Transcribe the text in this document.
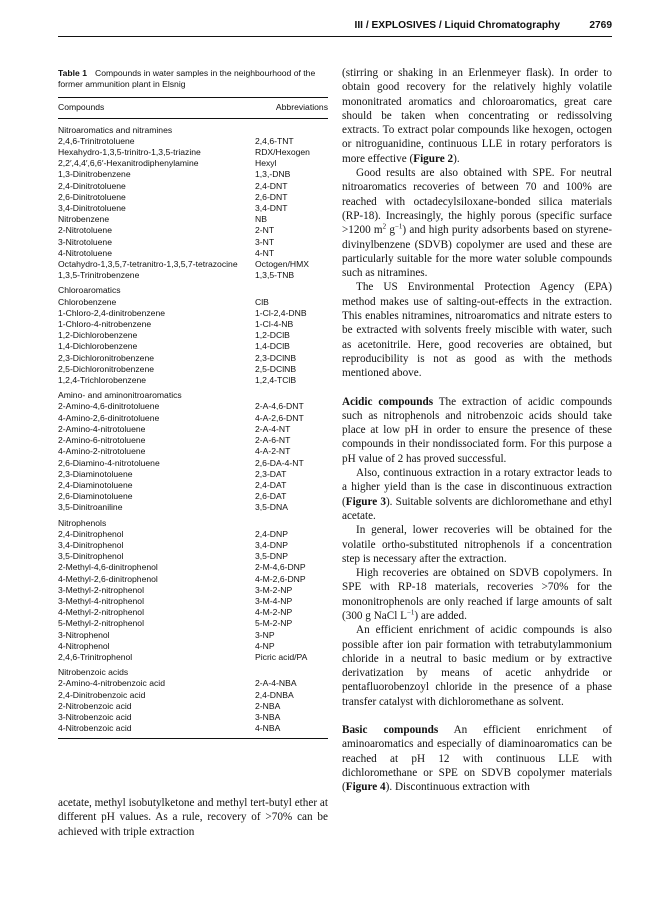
III / EXPLOSIVES / Liquid Chromatography	2769
Table 1 Compounds in water samples in the neighbourhood of the former ammunition plant in Elsnig
Compounds	Abbreviations
Nitroaromatics and nitramines
2,4,6-Trinitrotoluene	2,4,6-TNT
Hexahydro-1,3,5-trinitro-1,3,5-triazine	RDX/Hexogen
2,2′,4,4′,6,6′-Hexanitrodiphenylamine	Hexyl
1,3-Dinitrobenzene	1,3,-DNB
2,4-Dinitrotoluene	2,4-DNT
2,6-Dinitrotoluene	2,6-DNT
3,4-Dinitrotoluene	3,4-DNT
Nitrobenzene	NB
2-Nitrotoluene	2-NT
3-Nitrotoluene	3-NT
4-Nitrotoluene	4-NT
Octahydro-1,3,5,7-tetranitro-1,3,5,7-tetrazocine	Octogen/HMX
1,3,5-Trinitrobenzene	1,3,5-TNB
Chloroaromatics
Chlorobenzene	ClB
1-Chloro-2,4-dinitrobenzene	1-Cl-2,4-DNB
1-Chloro-4-nitrobenzene	1-Cl-4-NB
1,2-Dichlorobenzene	1,2-DClB
1,4-Dichlorobenzene	1,4-DClB
2,3-Dichloronitrobenzene	2,3-DClNB
2,5-Dichloronitrobenzene	2,5-DClNB
1,2,4-Trichlorobenzene	1,2,4-TClB
Amino- and aminonitroaromatics
2-Amino-4,6-dinitrotoluene	2-A-4,6-DNT
4-Amino-2,6-dinitrotoluene	4-A-2,6-DNT
2-Amino-4-nitrotoluene	2-A-4-NT
2-Amino-6-nitrotoluene	2-A-6-NT
4-Amino-2-nitrotoluene	4-A-2-NT
2,6-Diamino-4-nitrotoluene	2,6-DA-4-NT
2,3-Diaminotoluene	2,3-DAT
2,4-Diaminotoluene	2,4-DAT
2,6-Diaminotoluene	2,6-DAT
3,5-Dinitroaniline	3,5-DNA
Nitrophenols
2,4-Dinitrophenol	2,4-DNP
3,4-Dinitrophenol	3,4-DNP
3,5-Dinitrophenol	3,5-DNP
2-Methyl-4,6-dinitrophenol	2-M-4,6-DNP
4-Methyl-2,6-dinitrophenol	4-M-2,6-DNP
3-Methyl-2-nitrophenol	3-M-2-NP
3-Methyl-4-nitrophenol	3-M-4-NP
4-Methyl-2-nitrophenol	4-M-2-NP
5-Methyl-2-nitrophenol	5-M-2-NP
3-Nitrophenol	3-NP
4-Nitrophenol	4-NP
2,4,6-Trinitrophenol	Picric acid/PA
Nitrobenzoic acids
2-Amino-4-nitrobenzoic acid	2-A-4-NBA
2,4-Dinitrobenzoic acid	2,4-DNBA
2-Nitrobenzoic acid	2-NBA
3-Nitrobenzoic acid	3-NBA
4-Nitrobenzoic acid	4-NBA

acetate, methyl isobutylketone and methyl tert-butyl ether at different pH values. As a rule, recovery of >70% can be achieved with triple extraction

(stirring or shaking in an Erlenmeyer flask). In order to obtain good recovery for the relatively highly volatile mononitrated aromatics and chloroaromatics, great care should be taken when concentrating or redissolving extracts. To extract polar compounds like hexogen, octogen or nitroguanidine, continuous LLE in rotary perforators is more effective (Figure 2).

Good results are also obtained with SPE. For neutral nitroaromatics recoveries of between 70 and 100% are reached with octadecylsiloxane-bonded silica materials (RP-18). Increasingly, the highly porous (specific surface >1200 $m^2$ $g^{-1}$) and high purity adsorbents based on styrene-divinylbenzene (SDVB) copolymer are used and these are particularly suitable for the more water soluble compounds such as nitramines.

The US Environmental Protection Agency (EPA) method makes use of salting-out-effects in the extraction. This enables nitramines, nitroaromatics and nitrate esters to be extracted with solvents freely miscible with water, such as acetonitrile. Here, good recoveries are obtained, but reproducibility is not as good as with the methods mentioned above.

Acidic compounds The extraction of acidic compounds such as nitrophenols and nitrobenzoic acids should take place at low pH in order to ensure the presence of these compounds in their nondissociated form. For this purpose a pH value of 2 has proved successful.

Also, continuous extraction in a rotary extractor leads to a higher yield than is the case in discontinuous extraction (Figure 3). Suitable solvents are dichloromethane and ethyl acetate.

In general, lower recoveries will be obtained for the volatile ortho-substituted nitrophenols if a concentration step is necessary after the extraction.

High recoveries are obtained on SDVB copolymers. In SPE with RP-18 materials, recoveries >70% for the mononitrophenols are only reached if large amounts of salt (300 g NaCl $L^{-1}$) are added.

An efficient enrichment of acidic compounds is also possible after ion pair formation with tetrabutylammonium chloride in a neutral to basic medium or by extractive derivatization by means of acetic anhydride or pentafluorobenzoyl chloride in the presence of a phase transfer catalyst with dichloromethane as solvent.

Basic compounds An efficient enrichment of aminoaromatics and especially of diaminoaromatics can be reached at pH 12 with continuous LLE with dichloromethane or SPE on SDVB copolymer materials (Figure 4). Discontinuous extraction with
